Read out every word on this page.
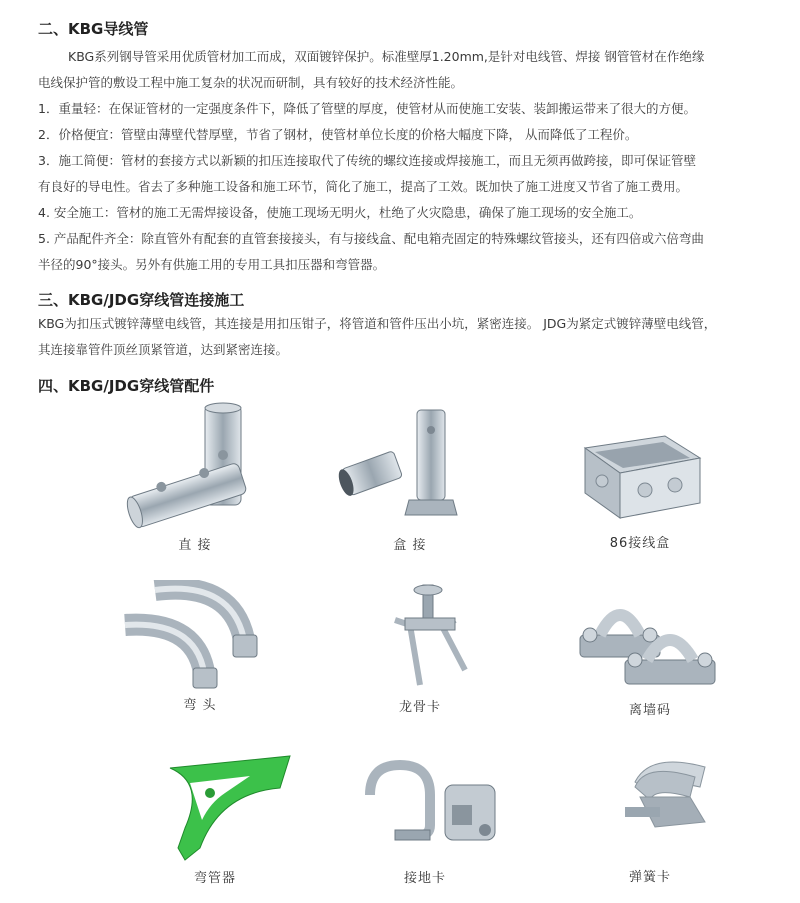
二、KBG导线管

KBG系列钢导管采用优质管材加工而成，双面镀锌保护。标准壁厚1.20mm,是针对电线管、焊接 钢管管材在作绝缘

电线保护管的敷设工程中施工复杂的状况而研制，具有较好的技术经济性能。

1．重量轻：在保证管材的一定强度条件下，降低了管壁的厚度，使管材从而使施工安装、装卸搬运带来了很大的方便。

2．价格便宜：管壁由薄壁代替厚壁，节省了钢材，使管材单位长度的价格大幅度下降， 从而降低了工程价。

3．施工简便：管材的套接方式以新颖的扣压连接取代了传统的螺纹连接或焊接施工，而且无须再做跨接，即可保证管壁

有良好的导电性。省去了多种施工设备和施工环节，简化了施工，提高了工效。既加快了施工进度又节省了施工费用。

4. 安全施工：管材的施工无需焊接设备，使施工现场无明火，杜绝了火灾隐患，确保了施工现场的安全施工。

5. 产品配件齐全：除直管外有配套的直管套接接头，有与接线盒、配电箱壳固定的特殊螺纹管接头，还有四倍或六倍弯曲

半径的90°接头。另外有供施工用的专用工具扣压器和弯管器。

三、KBG/JDG穿线管连接施工

KBG为扣压式镀锌薄壁电线管，其连接是用扣压钳子，将管道和管件压出小坑，紧密连接。 JDG为紧定式镀锌薄壁电线管，

其连接靠管件顶丝顶紧管道，达到紧密连接。

四、KBG/JDG穿线管配件
直 接	盒 接	86接线盒
弯 头	龙骨卡	离墙码
弯管器	接地卡	弹簧卡
